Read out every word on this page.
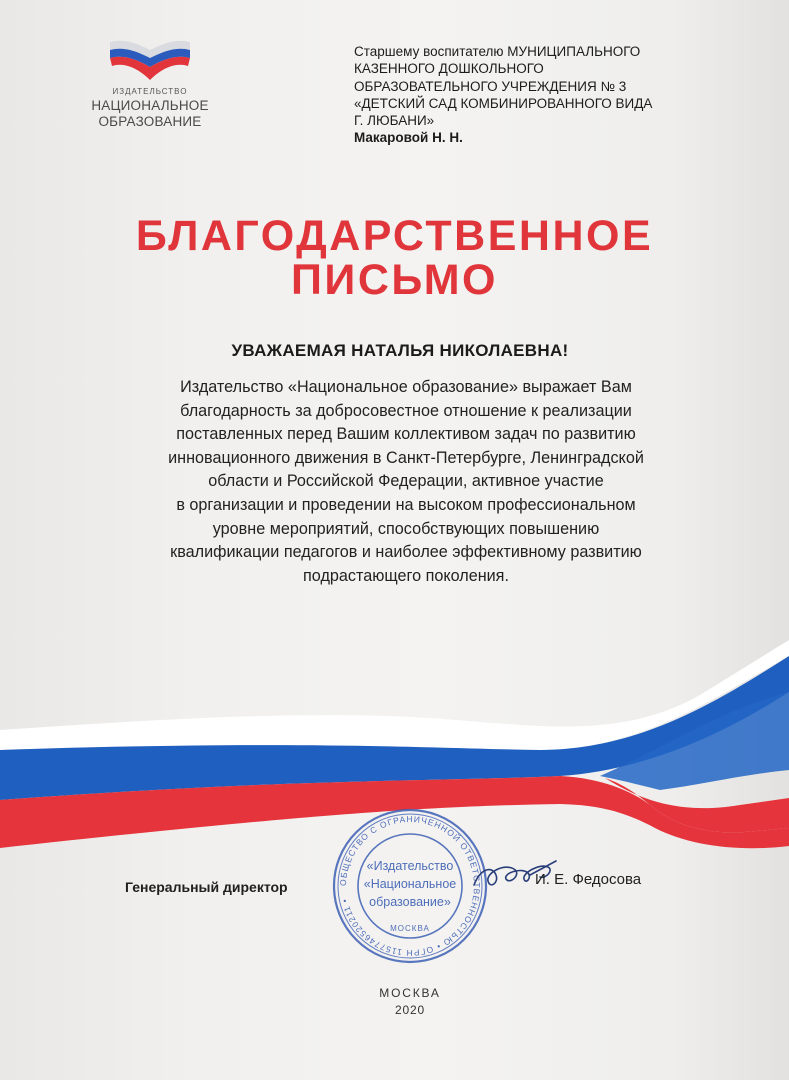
ИЗДАТЕЛЬСТВО
НАЦИОНАЛЬНОЕ
ОБРАЗОВАНИЕ
Старшему воспитателю МУНИЦИПАЛЬНОГО
КАЗЕННОГО ДОШКОЛЬНОГО
ОБРАЗОВАТЕЛЬНОГО УЧРЕЖДЕНИЯ № 3
«ДЕТСКИЙ САД КОМБИНИРОВАННОГО ВИДА
Г. ЛЮБАНИ»
Макаровой Н. Н.
БЛАГОДАРСТВЕННОЕ
ПИСЬМО
УВАЖАЕМАЯ НАТАЛЬЯ НИКОЛАЕВНА!
Издательство «Национальное образование» выражает Вам
благодарность за добросовестное отношение к реализации
поставленных перед Вашим коллективом задач по развитию
инновационного движения в Санкт-Петербурге, Ленинградской
области и Российской Федерации, активное участие
в организации и проведении на высоком профессиональном
уровне мероприятий, способствующих повышению
квалификации педагогов и наиболее эффективному развитию
подрастающего поколения.
ОБЩЕСТВО С ОГРАНИЧЕННОЙ ОТВЕТСТВЕННОСТЬЮ • ОГРН 1157746520211 •
«Издательство
«Национальное
образование»
МОСКВА
Генеральный директор	И. Е. Федосова
МОСКВА
2020
